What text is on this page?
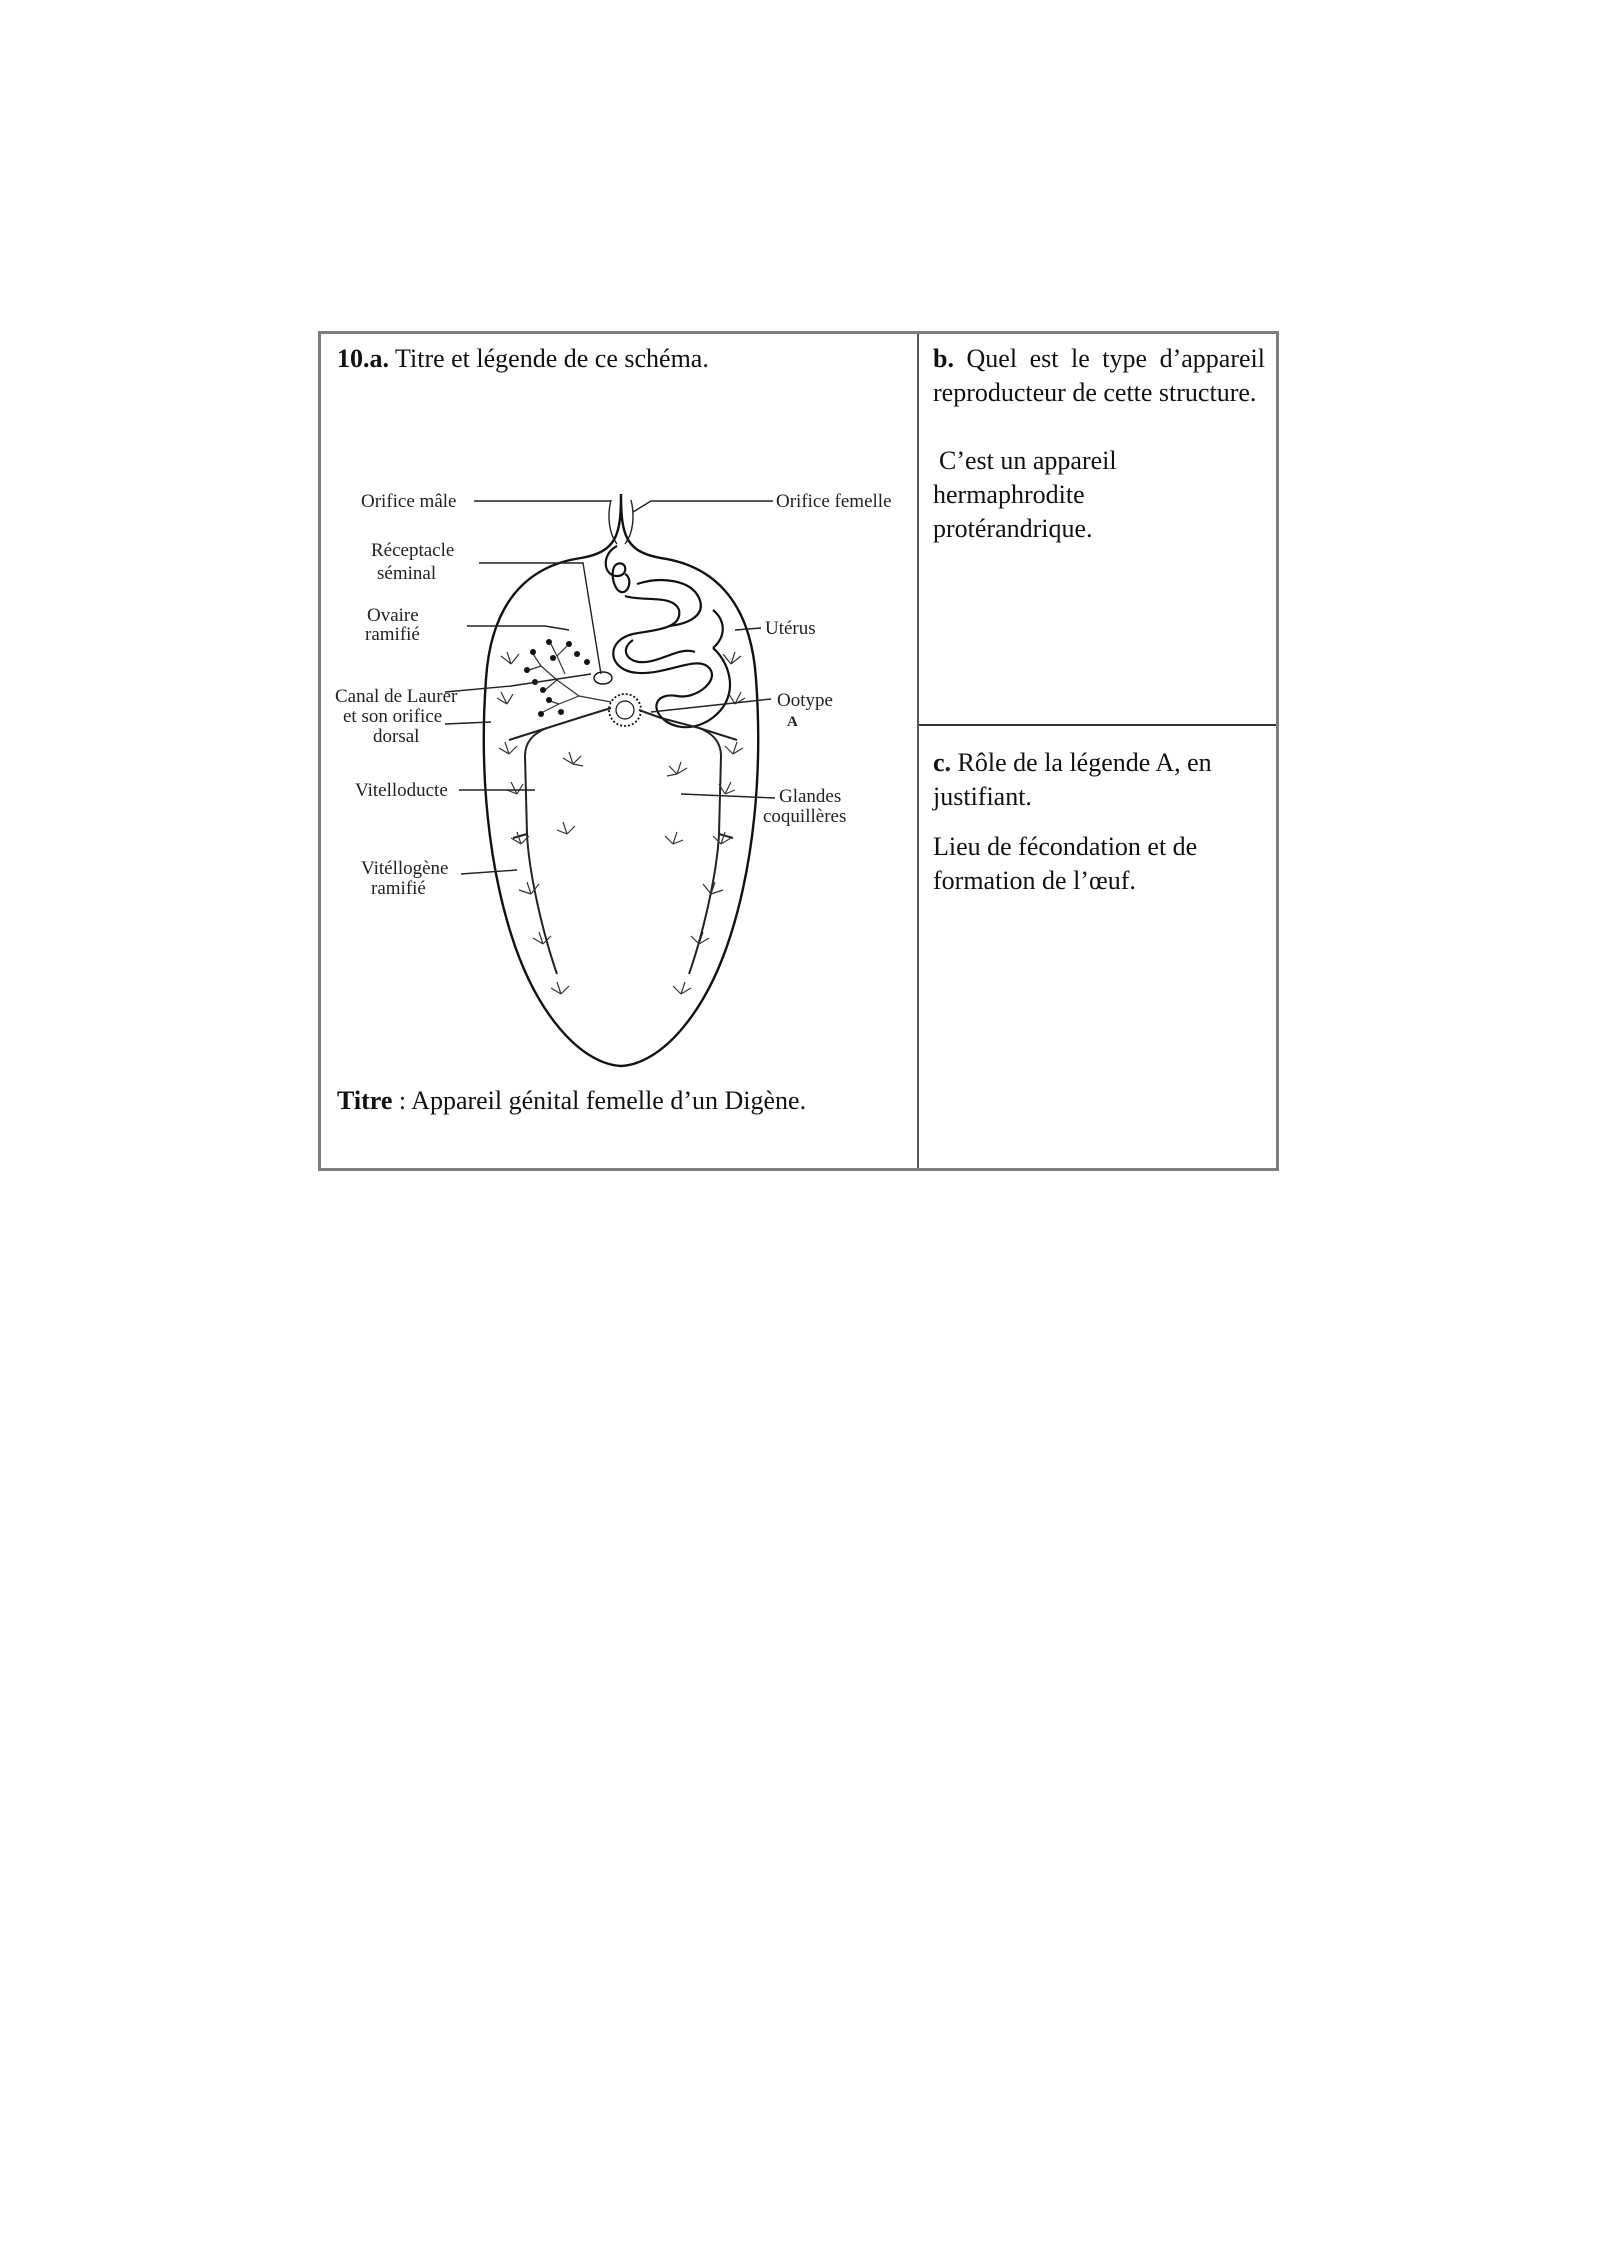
10.a. Titre et légende de ce schéma.
Orifice mâle	Orifice femelle
Réceptacle
séminal
Ovaire
ramifié
Canal de Laurer
et son orifice
dorsal
Utérus
Ootype
A
Vitelloducte	Glandes
coquillères
Vitéllogène
ramifié
Titre : Appareil génital femelle d’un Digène.
b. Quel est le type d’appareil reproducteur de cette structure.
C’est un appareil
hermaphrodite
protérandrique.
c. Rôle de la légende A, en justifiant.
Lieu de fécondation et de formation de l’œuf.
